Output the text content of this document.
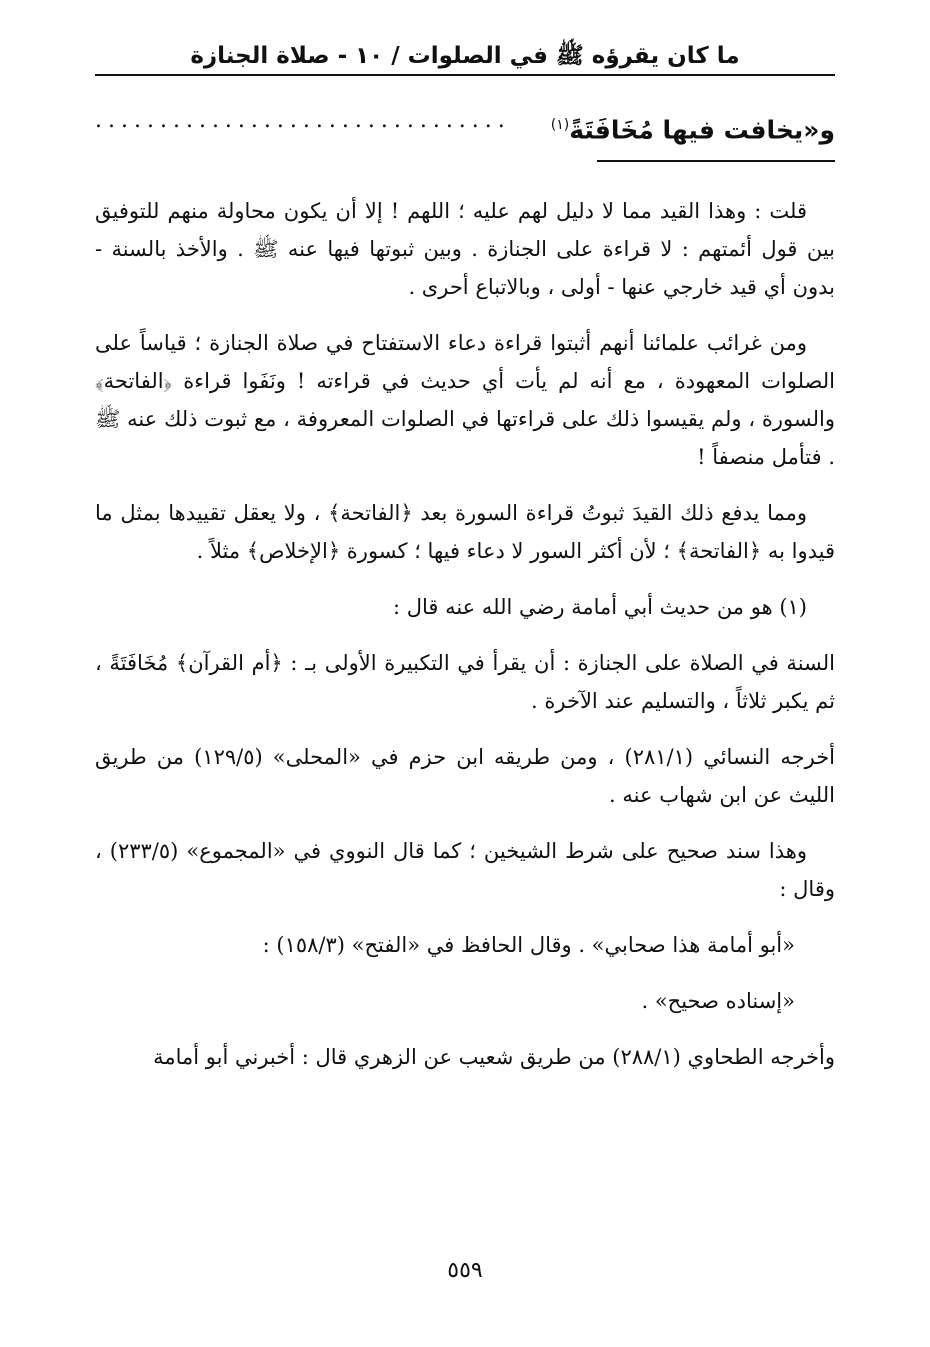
ما كان يقرؤه ﷺ في الصلوات / ١٠ - صلاة الجنازة
و«يخافت فيها مُخَافَتَةً$^{(١)}$
................................

قلت : وهذا القيد مما لا دليل لهم عليه ؛ اللهم ! إلا أن يكون محاولة منهم للتوفيق بين قول أئمتهم : لا قراءة على الجنازة . وبين ثبوتها فيها عنه ﷺ . والأخذ بالسنة - بدون أي قيد خارجي عنها - أولى ، وبالاتباع أحرى .

ومن غرائب علمائنا أنهم أثبتوا قراءة دعاء الاستفتاح في صلاة الجنازة ؛ قياساً على الصلوات المعهودة ، مع أنه لم يأت أي حديث في قراءته ! ونَفَوا قراءة ﴿الفاتحة﴾ والسورة ، ولم يقيسوا ذلك على قراءتها في الصلوات المعروفة ، مع ثبوت ذلك عنه ﷺ . فتأمل منصفاً !

ومما يدفع ذلك القيدَ ثبوتُ قراءة السورة بعد ﴿الفاتحة﴾ ، ولا يعقل تقييدها بمثل ما قيدوا به ﴿الفاتحة﴾ ؛ لأن أكثر السور لا دعاء فيها ؛ كسورة ﴿الإخلاص﴾ مثلاً .

(١) هو من حديث أبي أمامة رضي الله عنه قال :

السنة في الصلاة على الجنازة : أن يقرأ في التكبيرة الأولى بـ : ﴿أم القرآن﴾ مُخَافَتَةً ، ثم يكبر ثلاثاً ، والتسليم عند الآخرة .

أخرجه النسائي (٢٨١/١) ، ومن طريقه ابن حزم في «المحلى» (١٢٩/٥) من طريق الليث عن ابن شهاب عنه .

وهذا سند صحيح على شرط الشيخين ؛ كما قال النووي في «المجموع» (٢٣٣/٥) ، وقال :

«أبو أمامة هذا صحابي» . وقال الحافظ في «الفتح» (١٥٨/٣) :

«إسناده صحيح» .

وأخرجه الطحاوي (٢٨٨/١) من طريق شعيب عن الزهري قال : أخبرني أبو أمامة

٥٥٩
